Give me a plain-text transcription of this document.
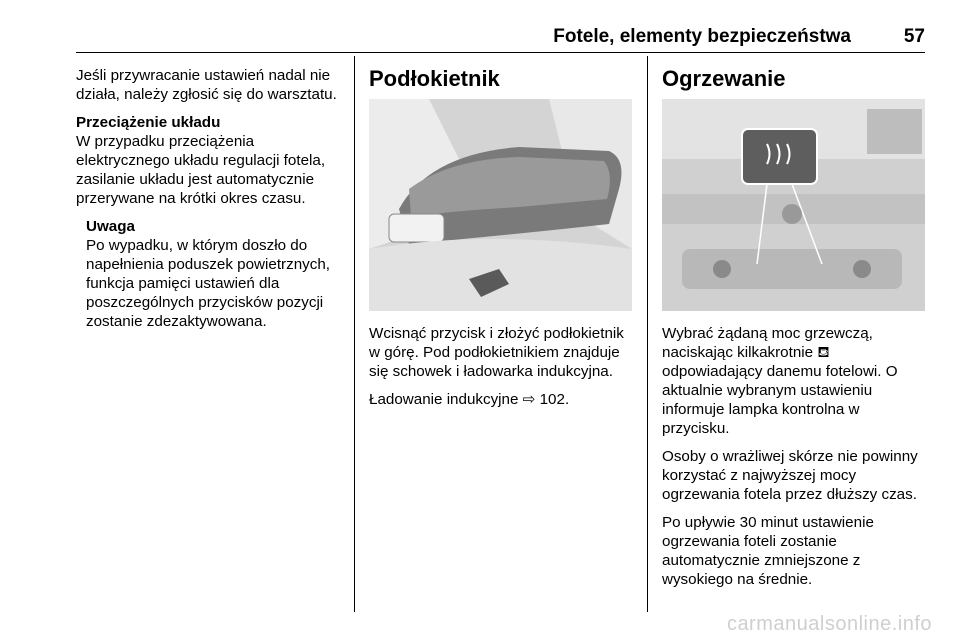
Fotele, elementy bezpieczeństwa	57

Jeśli przywracanie ustawień nadal nie działa, należy zgłosić się do warsztatu.

Przeciążenie układu

W przypadku przeciążenia elektrycznego układu regulacji fotela, zasilanie układu jest automatycznie przerywane na krótki okres czasu.

Uwaga

Po wypadku, w którym doszło do napełnienia poduszek powietrznych, funkcja pamięci ustawień dla poszczególnych przycisków pozycji zostanie zdezaktywowana.

Podłokietnik

Wcisnąć przycisk i złożyć podłokietnik w górę. Pod podłokietnikiem znajduje się schowek i ładowarka indukcyjna.

Ładowanie indukcyjne ⇨ 102.

Ogrzewanie

Wybrać żądaną moc grzewczą, naciskając kilkakrotnie ⛾ odpowiadający danemu fotelowi. O aktualnie wybranym ustawieniu informuje lampka kontrolna w przycisku.

Osoby o wrażliwej skórze nie powinny korzystać z najwyższej mocy ogrzewania fotela przez dłuższy czas.

Po upływie 30 minut ustawienie ogrzewania foteli zostanie automatycznie zmniejszone z wysokiego na średnie.

carmanualsonline.info
